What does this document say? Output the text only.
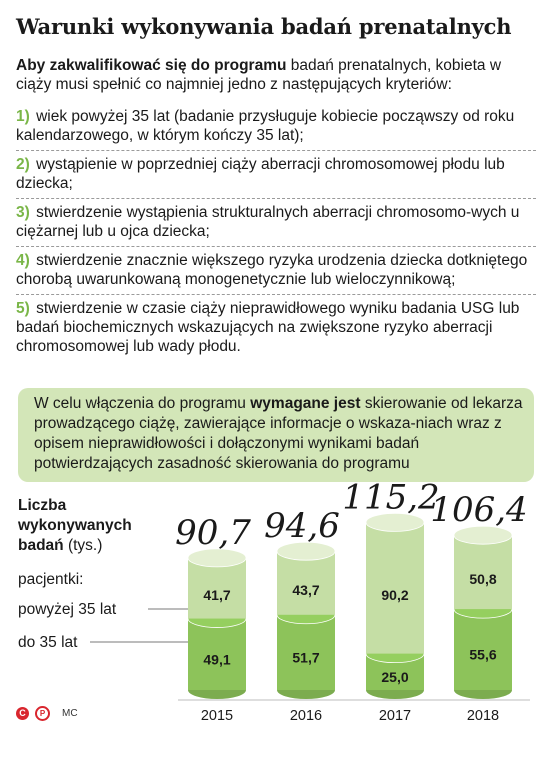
Warunki wykonywania badań prenatalnych
Aby zakwalifikować się do programu badań prenatalnych, kobieta w ciąży musi spełnić co najmniej jedno z następujących kryteriów:
1) wiek powyżej 35 lat (badanie przysługuje kobiecie począwszy od roku kalendarzowego, w którym kończy 35 lat);
2) wystąpienie w poprzedniej ciąży aberracji chromosomowej płodu lub dziecka;
3) stwierdzenie wystąpienia strukturalnych aberracji chromosomo-wych u ciężarnej lub u ojca dziecka;
4) stwierdzenie znacznie większego ryzyka urodzenia dziecka dotkniętego chorobą uwarunkowaną monogenetycznie lub wieloczynnikową;
5) stwierdzenie w czasie ciąży nieprawidłowego wyniku badania USG lub badań biochemicznych wskazujących na zwiększone ryzyko aberracji chromosomowej lub wady płodu.
W celu włączenia do programu wymagane jest skierowanie od lekarza prowadzącego ciążę, zawierające informacje o wskaza-niach wraz z opisem nieprawidłowości i dołączonymi wynikami badań potwierdzających zasadność skierowania do programu
Liczba
wykonywanych
badań (tys.)
pacjentki:
powyżej 35 lat
do 35 lat
41,7
49,1
90,7
2015
43,7
51,7
94,6
2016
90,2
25,0
115,2
2017
50,8
55,6
106,4
2018
C	P	MC
